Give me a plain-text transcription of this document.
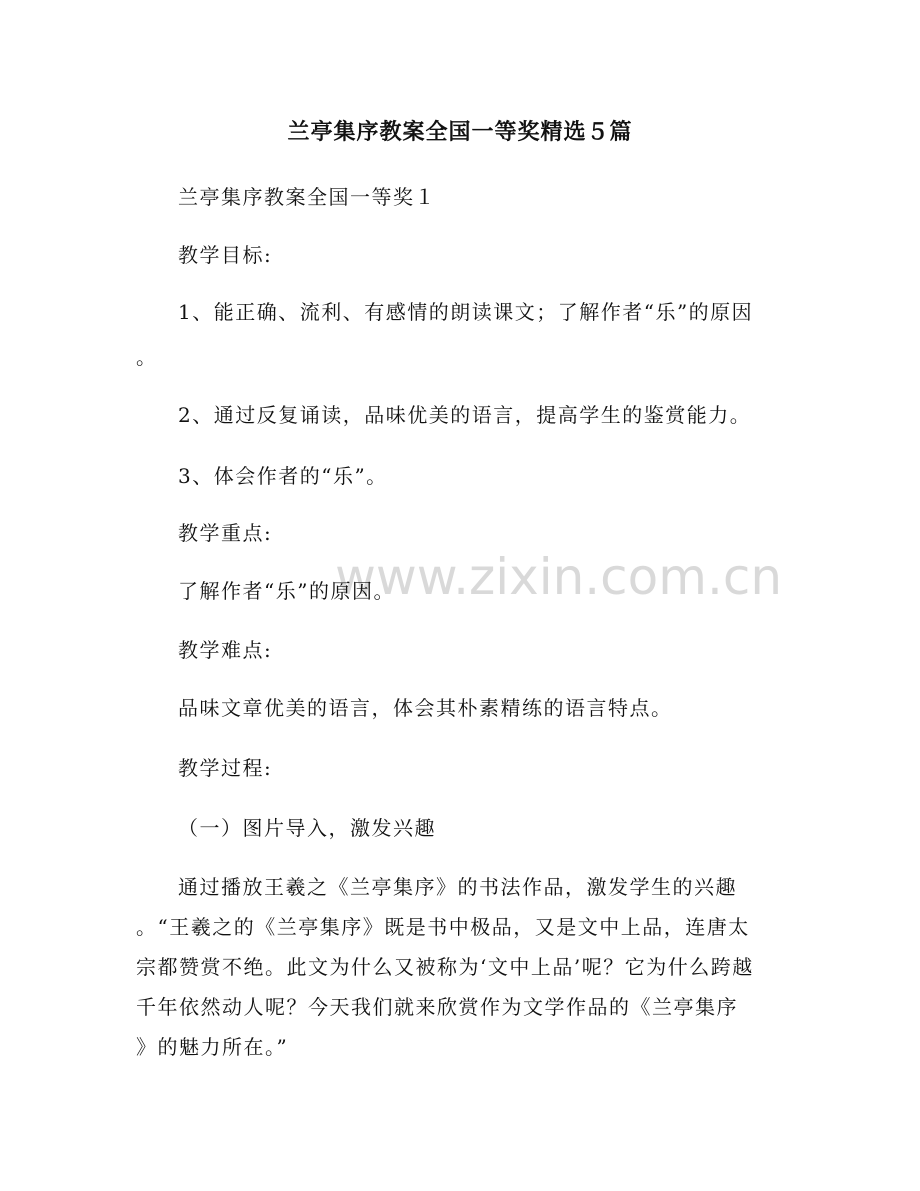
www.zixin.com.cn
兰亭集序教案全国一等奖精选５篇

兰亭集序教案全国一等奖１

教学目标:

1、能正确、流利、有感情的朗读课文；了解作者“乐”的原因

。

2、通过反复诵读，品味优美的语言，提高学生的鉴赏能力。

3、体会作者的“乐”。

教学重点:

了解作者“乐”的原因。

教学难点:

品味文章优美的语言，体会其朴素精练的语言特点。

教学过程:

（一）图片导入，激发兴趣

通过播放王羲之《兰亭集序》的书法作品，激发学生的兴趣

。“王羲之的《兰亭集序》既是书中极品，又是文中上品，连唐太

宗都赞赏不绝。此文为什么又被称为‘文中上品’呢？它为什么跨越

千年依然动人呢？今天我们就来欣赏作为文学作品的《兰亭集序

》的魅力所在。”
